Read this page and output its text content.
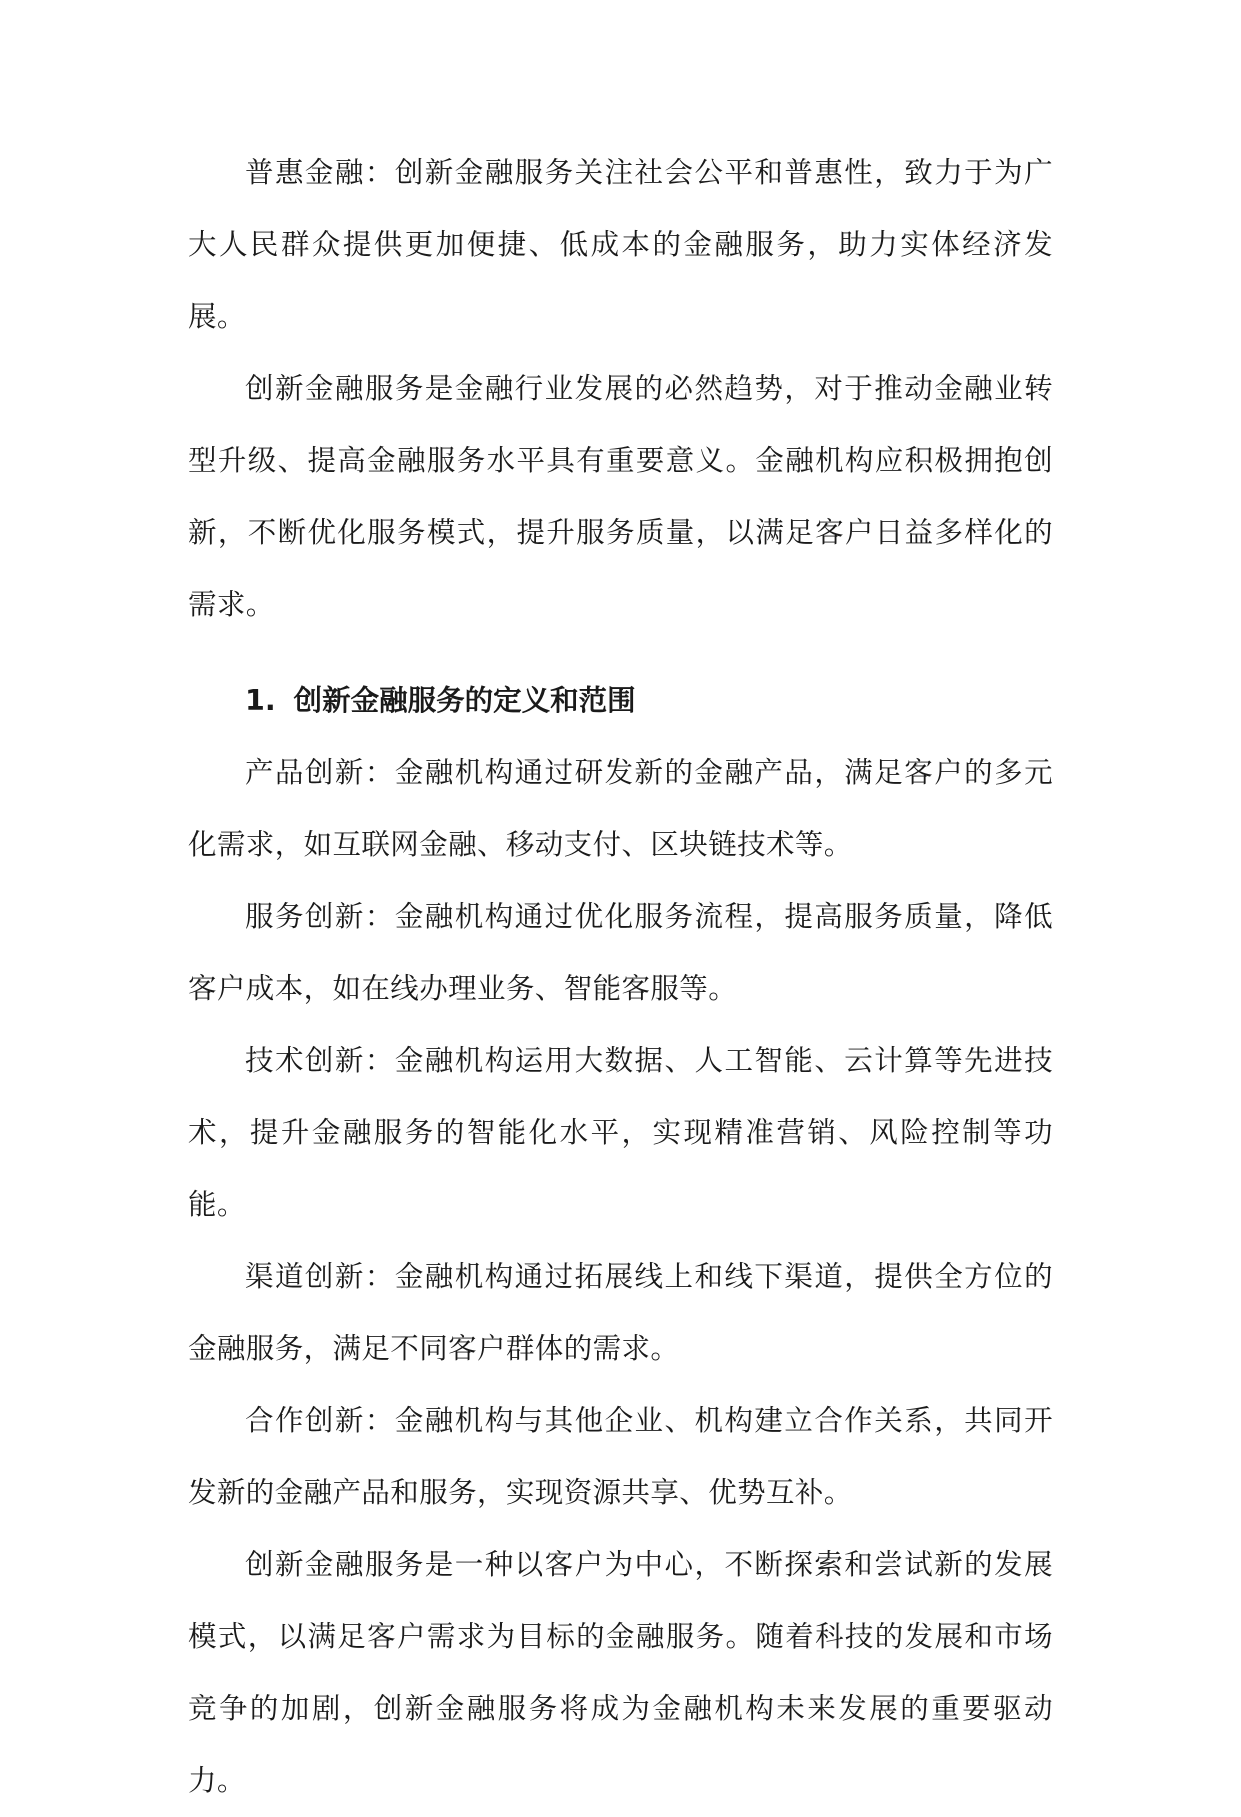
普惠金融：创新金融服务关注社会公平和普惠性，致力于为广大人民群众提供更加便捷、低成本的金融服务，助力实体经济发展。

创新金融服务是金融行业发展的必然趋势，对于推动金融业转型升级、提高金融服务水平具有重要意义。金融机构应积极拥抱创新，不断优化服务模式，提升服务质量，以满足客户日益多样化的需求。

1. 创新金融服务的定义和范围

产品创新：金融机构通过研发新的金融产品，满足客户的多元化需求，如互联网金融、移动支付、区块链技术等。

服务创新：金融机构通过优化服务流程，提高服务质量，降低客户成本，如在线办理业务、智能客服等。

技术创新：金融机构运用大数据、人工智能、云计算等先进技术，提升金融服务的智能化水平，实现精准营销、风险控制等功能。

渠道创新：金融机构通过拓展线上和线下渠道，提供全方位的金融服务，满足不同客户群体的需求。

合作创新：金融机构与其他企业、机构建立合作关系，共同开发新的金融产品和服务，实现资源共享、优势互补。

创新金融服务是一种以客户为中心，不断探索和尝试新的发展模式，以满足客户需求为目标的金融服务。随着科技的发展和市场竞争的加剧，创新金融服务将成为金融机构未来发展的重要驱动力。
